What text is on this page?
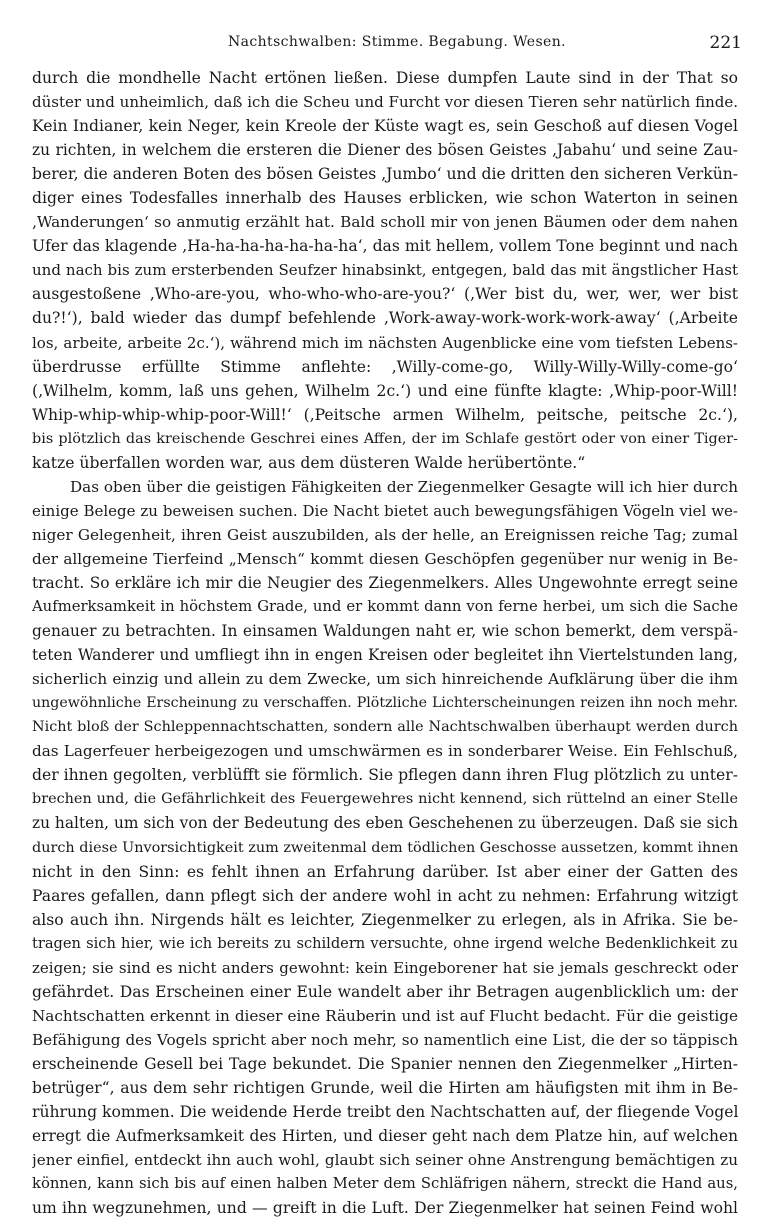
Nachtschwalben: Stimme. Begabung. Wesen.	221
durch die mondhelle Nacht ertönen ließen. Diese dumpfen Laute sind in der That so
düster und unheimlich, daß ich die Scheu und Furcht vor diesen Tieren sehr natürlich finde.
Kein Indianer, kein Neger, kein Kreole der Küste wagt es, sein Geschoß auf diesen Vogel
zu richten, in welchem die ersteren die Diener des bösen Geistes ‚Jabahu‘ und seine Zau-
berer, die anderen Boten des bösen Geistes ‚Jumbo‘ und die dritten den sicheren Verkün-
diger eines Todesfalles innerhalb des Hauses erblicken, wie schon Waterton in seinen
‚Wanderungen‘ so anmutig erzählt hat. Bald scholl mir von jenen Bäumen oder dem nahen
Ufer das klagende ‚Ha-ha-ha-ha-ha-ha-ha‘, das mit hellem, vollem Tone beginnt und nach
und nach bis zum ersterbenden Seufzer hinabsinkt, entgegen, bald das mit ängstlicher Hast
ausgestoßene ‚Who-are-you, who-who-who-are-you?‘ (‚Wer bist du, wer, wer, wer bist
du?!‘), bald wieder das dumpf befehlende ‚Work-away-work-work-work-away‘ (‚Arbeite
los, arbeite, arbeite 2c.‘), während mich im nächsten Augenblicke eine vom tiefsten Lebens-
überdrusse erfüllte Stimme anflehte: ‚Willy-come-go, Willy-Willy-Willy-come-go‘
(‚Wilhelm, komm, laß uns gehen, Wilhelm 2c.‘) und eine fünfte klagte: ‚Whip-poor-Will!
Whip-whip-whip-whip-poor-Will!‘ (‚Peitsche armen Wilhelm, peitsche, peitsche 2c.‘),
bis plötzlich das kreischende Geschrei eines Affen, der im Schlafe gestört oder von einer Tiger-
katze überfallen worden war, aus dem düsteren Walde herübertönte.“
Das oben über die geistigen Fähigkeiten der Ziegenmelker Gesagte will ich hier durch
einige Belege zu beweisen suchen. Die Nacht bietet auch bewegungsfähigen Vögeln viel we-
niger Gelegenheit, ihren Geist auszubilden, als der helle, an Ereignissen reiche Tag; zumal
der allgemeine Tierfeind „Mensch“ kommt diesen Geschöpfen gegenüber nur wenig in Be-
tracht. So erkläre ich mir die Neugier des Ziegenmelkers. Alles Ungewohnte erregt seine
Aufmerksamkeit in höchstem Grade, und er kommt dann von ferne herbei, um sich die Sache
genauer zu betrachten. In einsamen Waldungen naht er, wie schon bemerkt, dem verspä-
teten Wanderer und umfliegt ihn in engen Kreisen oder begleitet ihn Viertelstunden lang,
sicherlich einzig und allein zu dem Zwecke, um sich hinreichende Aufklärung über die ihm
ungewöhnliche Erscheinung zu verschaffen. Plötzliche Lichterscheinungen reizen ihn noch mehr.
Nicht bloß der Schleppennachtschatten, sondern alle Nachtschwalben überhaupt werden durch
das Lagerfeuer herbeigezogen und umschwärmen es in sonderbarer Weise. Ein Fehlschuß,
der ihnen gegolten, verblüfft sie förmlich. Sie pflegen dann ihren Flug plötzlich zu unter-
brechen und, die Gefährlichkeit des Feuergewehres nicht kennend, sich rüttelnd an einer Stelle
zu halten, um sich von der Bedeutung des eben Geschehenen zu überzeugen. Daß sie sich
durch diese Unvorsichtigkeit zum zweitenmal dem tödlichen Geschosse aussetzen, kommt ihnen
nicht in den Sinn: es fehlt ihnen an Erfahrung darüber. Ist aber einer der Gatten des
Paares gefallen, dann pflegt sich der andere wohl in acht zu nehmen: Erfahrung witzigt
also auch ihn. Nirgends hält es leichter, Ziegenmelker zu erlegen, als in Afrika. Sie be-
tragen sich hier, wie ich bereits zu schildern versuchte, ohne irgend welche Bedenklichkeit zu
zeigen; sie sind es nicht anders gewohnt: kein Eingeborener hat sie jemals geschreckt oder
gefährdet. Das Erscheinen einer Eule wandelt aber ihr Betragen augenblicklich um: der
Nachtschatten erkennt in dieser eine Räuberin und ist auf Flucht bedacht. Für die geistige
Befähigung des Vogels spricht aber noch mehr, so namentlich eine List, die der so täppisch
erscheinende Gesell bei Tage bekundet. Die Spanier nennen den Ziegenmelker „Hirten-
betrüger“, aus dem sehr richtigen Grunde, weil die Hirten am häufigsten mit ihm in Be-
rührung kommen. Die weidende Herde treibt den Nachtschatten auf, der fliegende Vogel
erregt die Aufmerksamkeit des Hirten, und dieser geht nach dem Platze hin, auf welchen
jener einfiel, entdeckt ihn auch wohl, glaubt sich seiner ohne Anstrengung bemächtigen zu
können, kann sich bis auf einen halben Meter dem Schläfrigen nähern, streckt die Hand aus,
um ihn wegzunehmen, und — greift in die Luft. Der Ziegenmelker hat seinen Feind wohl
